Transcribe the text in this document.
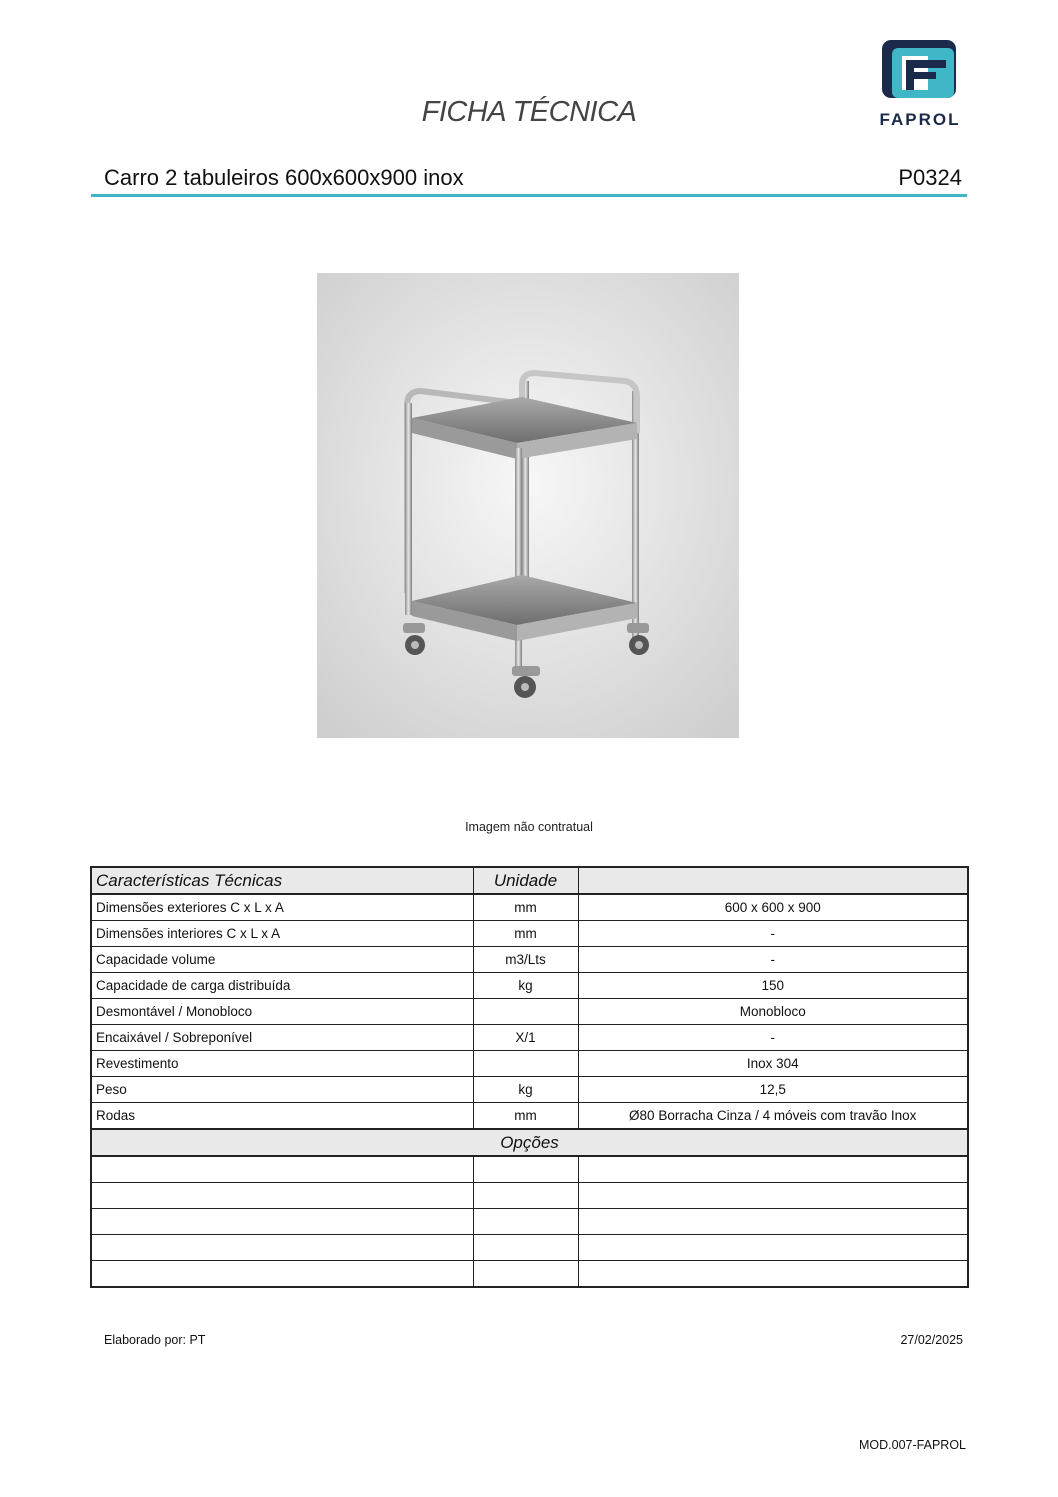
FICHA TÉCNICA	FAPROL
Carro 2 tabuleiros 600x600x900 inox	P0324
Imagem não contratual
Características Técnicas	Unidade	
Dimensões exteriores C x L x A	mm	600 x 600 x 900
Dimensões interiores C x L x A	mm	-
Capacidade volume	m3/Lts	-
Capacidade de carga distribuída	kg	150
Desmontável / Monobloco		Monobloco
Encaixável / Sobreponível	X/1	-
Revestimento		Inox 304
Peso	kg	12,5
Rodas	mm	Ø80 Borracha Cinza / 4 móveis com travão Inox
Opções		

Elaborado por: PT	27/02/2025
MOD.007-FAPROL
